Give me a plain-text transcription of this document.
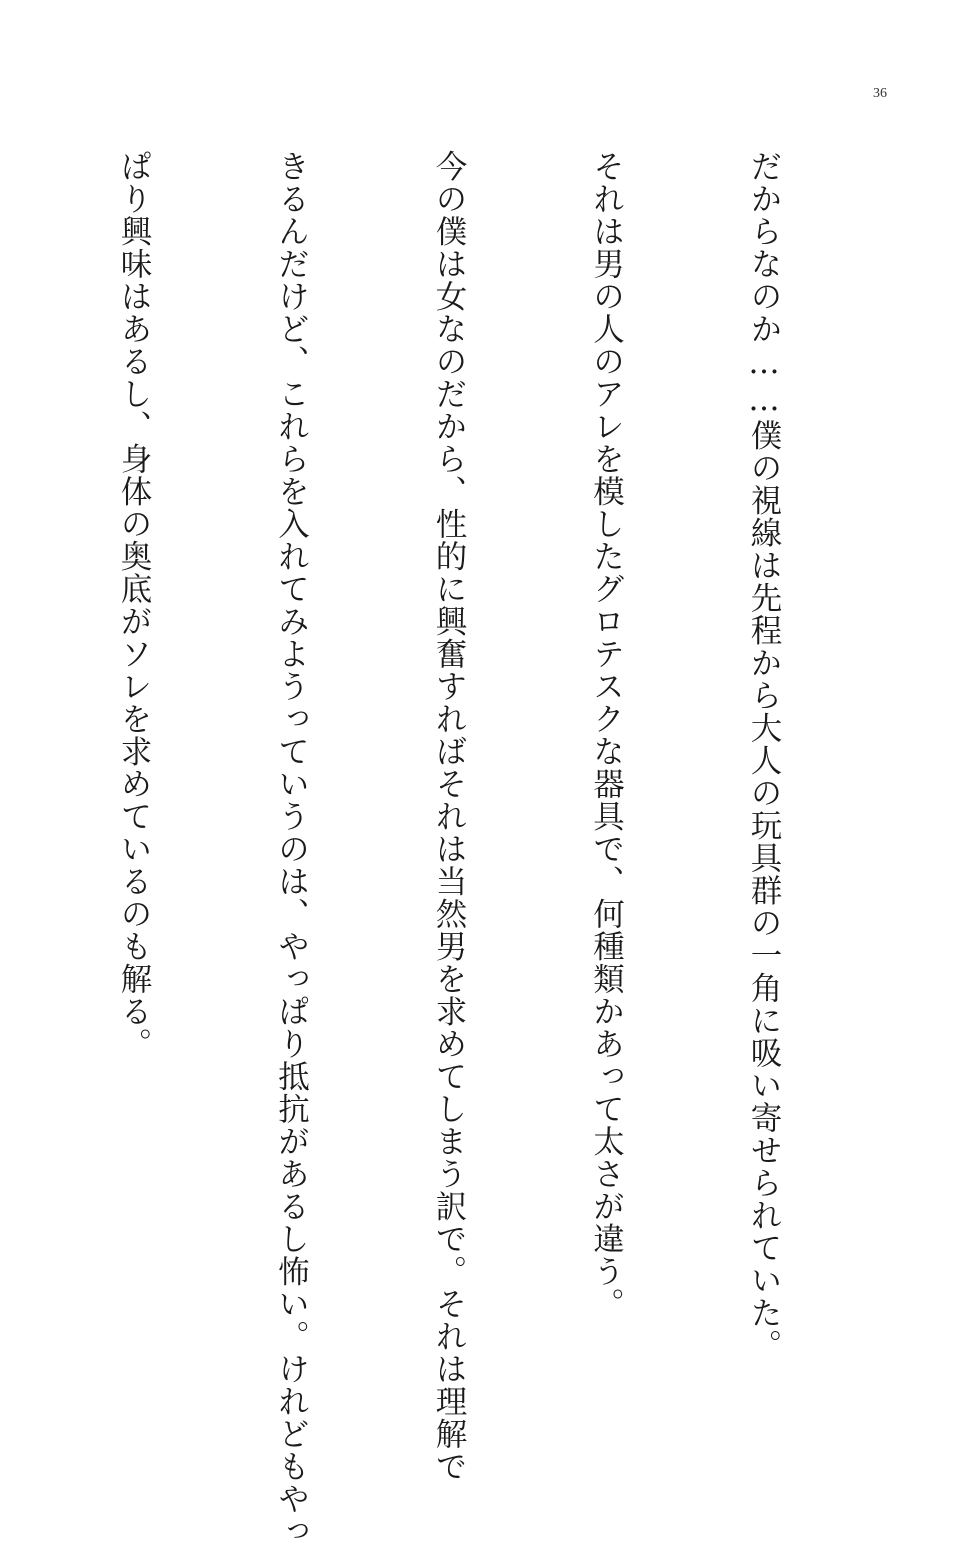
36

だからなのか……僕の視線は先程から大人の玩具群の一角に吸い寄せられていた。

それは男の人のアレを模したグロテスクな器具で、何種類かあって太さが違う。

今の僕は女なのだから、性的に興奮すればそれは当然男を求めてしまう訳で。それは理解で

きるんだけど、これらを入れてみようっていうのは、やっぱり抵抗があるし怖い。けれどもやっ

ぱり興味はあるし、身体の奥底がソレを求めているのも解る。
